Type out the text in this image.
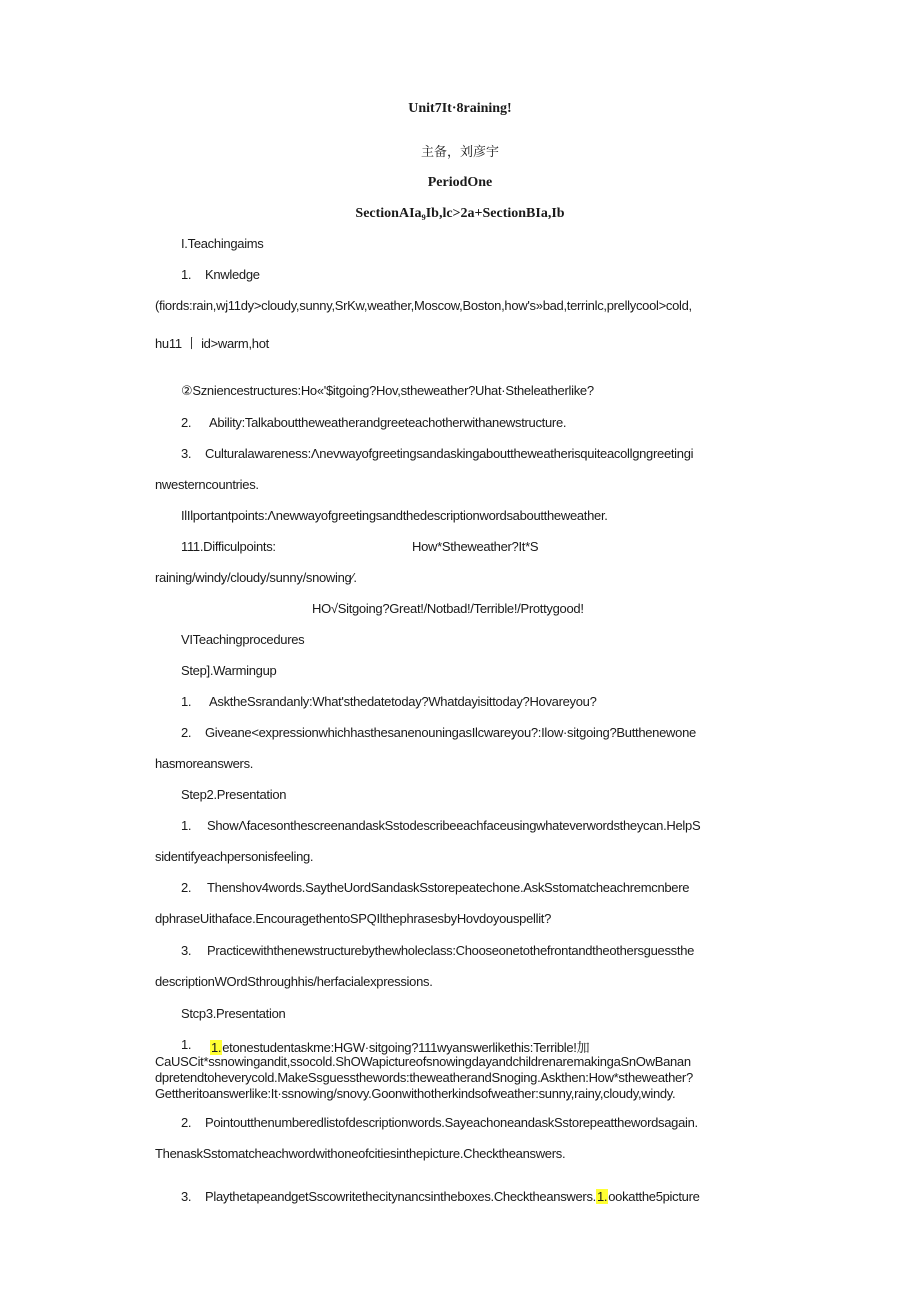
Unit7It·8raining!
主备，刘彦宇
PeriodOne
SectionAIa₉Ib,lc>2a+SectionBIa,Ib
I.Teachingaims
1. Knwledge
(fiords:rain,wj11dy>cloudy,sunny,SrKw,weather,Moscow,Boston,how's»bad,terrinlc,prellycool>cold,
hu11 丨 id>warm,hot
②Szniencestructures:Ho«'$itgoing?Hov,stheweather?Uhat·Stheleatherlike?
2. Ability:Talkabouttheweatherandgreeteachotherwithanewstructure.
3. Culturalawareness:Λnevwayofgreetingsandaskingabouttheweatherisquiteacollgngreetingi
nwesterncountries.
IlIlportantpoints:Λnewwayofgreetingsandthedescriptionwordsabouttheweather.
111.Difficulpoints:	How*Stheweather?It*S
raining/windy/cloudy/sunny/snowing∕.
HO√Sitgoing?Great!/Notbad!/Terrible!/Prottygood!
VITeachingprocedures
Step].Warmingup
1. AsktheSsrandanly:What'sthedatetoday?Whatdayisittoday?Hovareyou?
2. Giveane<expressionwhichhasthesanenouningasIlcwareyou?:Ilow·sitgoing?Butthenewone
hasmoreanswers.
Step2.Presentation
1. ShowΛfacesonthescreenandaskSstodescribeeachfaceusingwhateverwordstheycan.HelpS
sidentifyeachpersonisfeeling.
2. Thenshov4words.SaytheUordSandaskSstorepeatechone.AskSstomatcheachremcnbere
dphraseUithaface.EncouragethentoSPQIlthephrasesbyHovdoyouspellit?
3. Practicewiththenewstructurebythewholeclass:Chooseonetothefrontandtheothersguessthe
descriptionWOrdSthroughhis/herfacialexpressions.
Stcp3.Presentation
1. 1.etonestudentaskme:HGW·sitgoing?111wyanswerlikethis:Terrible!加
CaUSCit*ssnowingandit,ssocold.ShOWapictureofsnowingdayandchildrenaremakingaSnOwBanan
dpretendtoheverycold.MakeSsguessthewords:theweatherandSnoging.Askthen:How*stheweather?
Gettheritoanswerlike:It·ssnowing/snovy.Goonwithotherkindsofweather:sunny,rainy,cloudy,windy.
2. Pointoutthenumberedlistofdescriptionwords.SayeachoneandaskSstorepeatthewordsagain.
ThenaskSstomatcheachwordwithoneofcitiesinthepicture.Checktheanswers.
3. PlaythetapeandgetSscowritethecitynancsintheboxes.Checktheanswers.1.ookatthe5picture
